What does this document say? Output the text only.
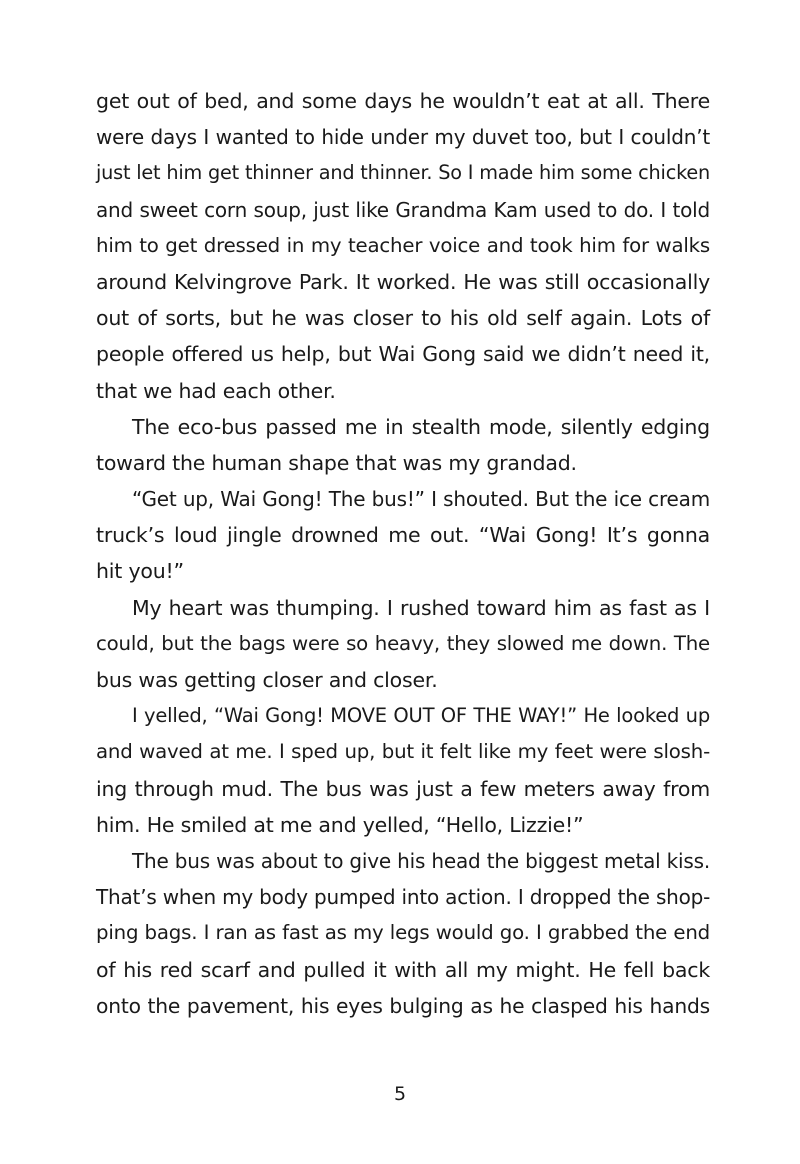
get out of bed, and some days he wouldn’t eat at all. There
were days I wanted to hide under my duvet too, but I couldn’t
just let him get thinner and thinner. So I made him some chicken
and sweet corn soup, just like Grandma Kam used to do. I told
him to get dressed in my teacher voice and took him for walks
around Kelvingrove Park. It worked. He was still occasionally
out of sorts, but he was closer to his old self again. Lots of
people offered us help, but Wai Gong said we didn’t need it,
that we had each other.
The eco-bus passed me in stealth mode, silently edging
toward the human shape that was my grandad.
“Get up, Wai Gong! The bus!” I shouted. But the ice cream
truck’s loud jingle drowned me out. “Wai Gong! It’s gonna
hit you!”
My heart was thumping. I rushed toward him as fast as I
could, but the bags were so heavy, they slowed me down. The
bus was getting closer and closer.
I yelled, “Wai Gong! MOVE OUT OF THE WAY!” He looked up
and waved at me. I sped up, but it felt like my feet were slosh-
ing through mud. The bus was just a few meters away from
him. He smiled at me and yelled, “Hello, Lizzie!”
The bus was about to give his head the biggest metal kiss.
That’s when my body pumped into action. I dropped the shop-
ping bags. I ran as fast as my legs would go. I grabbed the end
of his red scarf and pulled it with all my might. He fell back
onto the pavement, his eyes bulging as he clasped his hands
5
